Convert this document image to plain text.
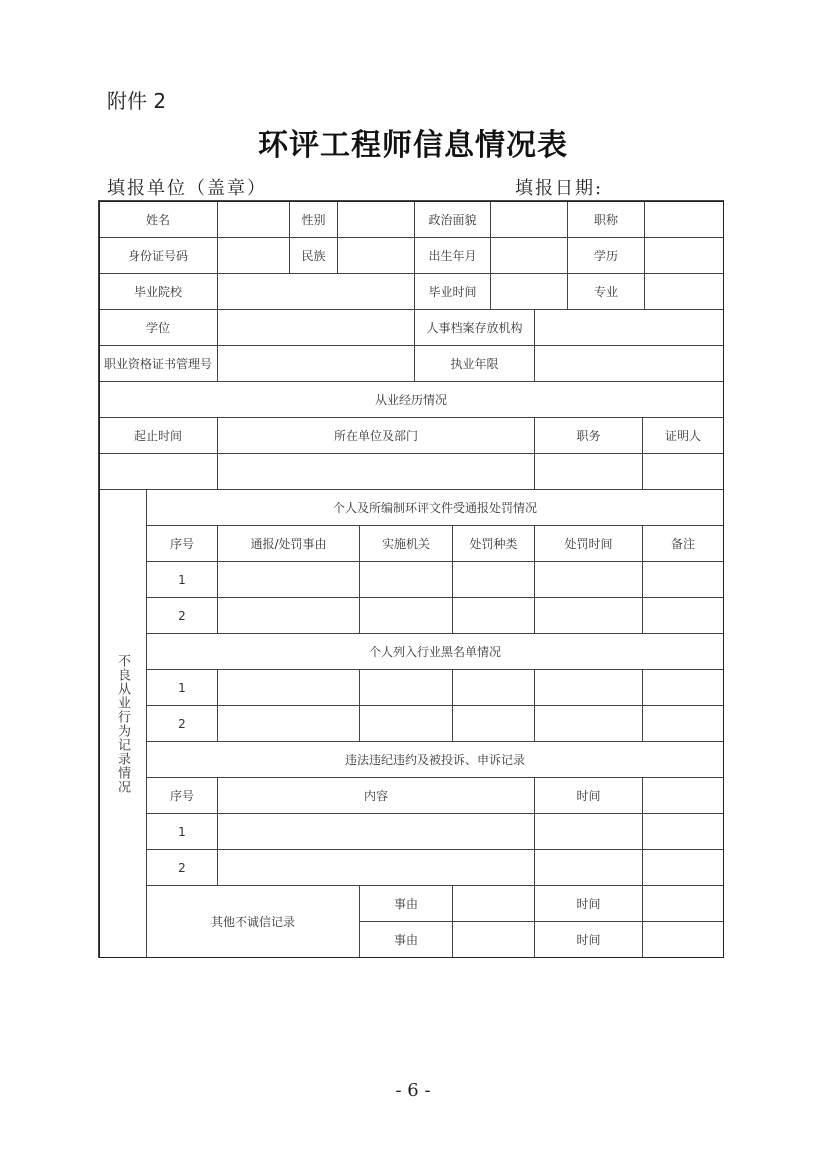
附件 2
环评工程师信息情况表
填报单位（盖章）	填报日期:
姓名	性别	政治面貌	职称
身份证号码	民族	出生年月	学历
毕业院校	毕业时间	专业
学位	人事档案存放机构
职业资格证书管理号	执业年限
从业经历情况
起止时间	所在单位及部门	职务	证明人
不良从业行为记录情况
个人及所编制环评文件受通报处罚情况
序号	通报/处罚事由	实施机关	处罚种类	处罚时间	备注
1
2
个人列入行业黑名单情况
1
2
违法违纪违约及被投诉、申诉记录
序号	内容	时间
1
2
其他不诚信记录
事由	时间
事由	时间
- 6 -
